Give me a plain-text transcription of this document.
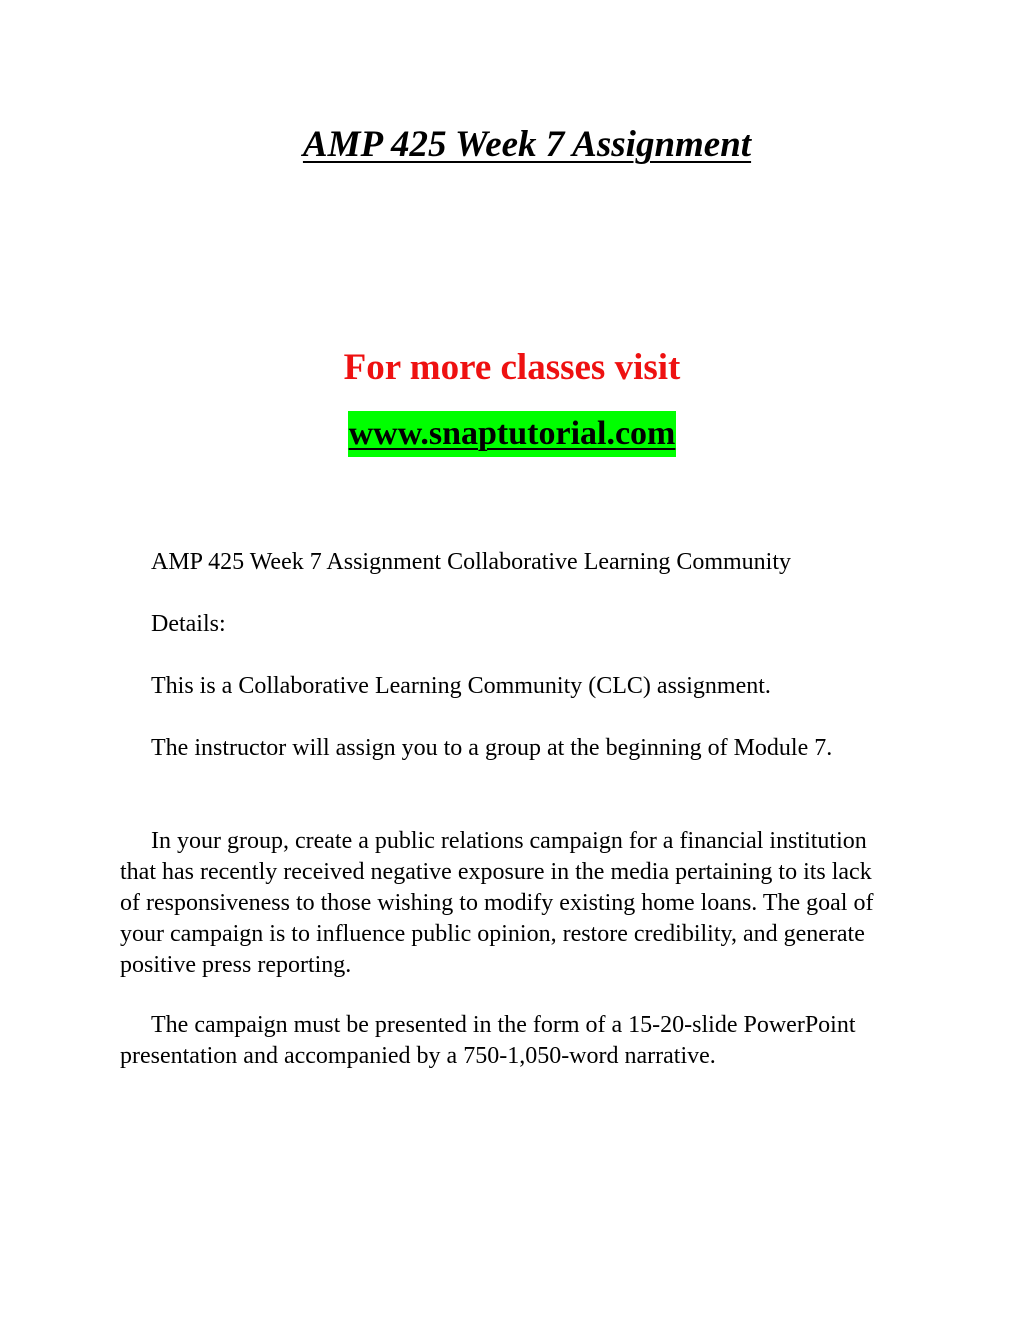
AMP 425 Week 7 Assignment

For more classes visit

www.snaptutorial.com

AMP 425 Week 7 Assignment Collaborative Learning Community

Details:

This is a Collaborative Learning Community (CLC) assignment.

The instructor will assign you to a group at the beginning of Module 7.

In your group, create a public relations campaign for a financial institution that has recently received negative exposure in the media pertaining to its lack of responsiveness to those wishing to modify existing home loans. The goal of your campaign is to influence public opinion, restore credibility, and generate positive press reporting.

The campaign must be presented in the form of a 15-20-slide PowerPoint presentation and accompanied by a 750-1,050-word narrative.
